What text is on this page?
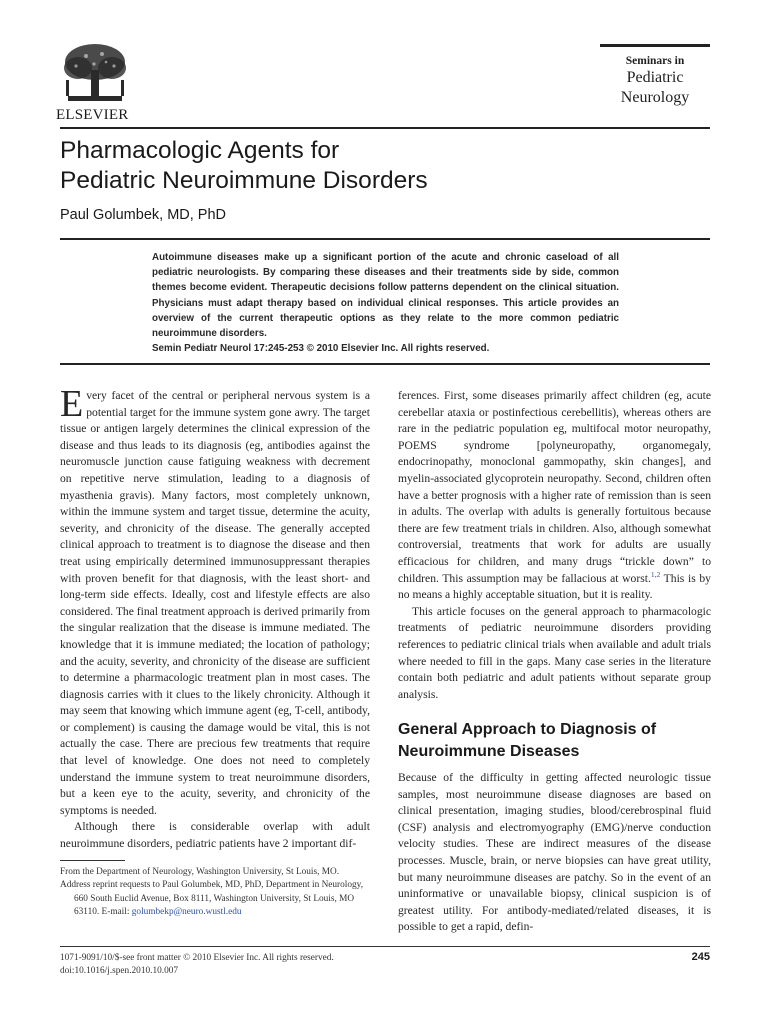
ELSEVIER
Seminars in
Pediatric
Neurology
Pharmacologic Agents for
Pediatric Neuroimmune Disorders
Paul Golumbek, MD, PhD

Autoimmune diseases make up a significant portion of the acute and chronic caseload of all pediatric neurologists. By comparing these diseases and their treatments side by side, common themes become evident. Therapeutic decisions follow patterns dependent on the clinical situation. Physicians must adapt therapy based on individual clinical responses. This article provides an overview of the current therapeutic options as they relate to the more common pediatric neuroimmune disorders.

Semin Pediatr Neurol 17:245-253 © 2010 Elsevier Inc. All rights reserved.

Every facet of the central or peripheral nervous system is a potential target for the immune system gone awry. The target tissue or antigen largely determines the clinical expression of the disease and thus leads to its diagnosis (eg, antibodies against the neuromuscle junction cause fatiguing weakness with decrement on repetitive nerve stimulation, leading to a diagnosis of myasthenia gravis). Many factors, most completely unknown, within the immune system and target tissue, determine the acuity, severity, and chronicity of the disease. The generally accepted clinical approach to treatment is to diagnose the disease and then treat using empirically determined immunosuppressant therapies with proven benefit for that diagnosis, with the least short- and long-term side effects. Ideally, cost and lifestyle effects are also considered. The final treatment approach is derived primarily from the singular realization that the disease is immune mediated. The knowledge that it is immune mediated; the location of pathology; and the acuity, severity, and chronicity of the disease are sufficient to determine a pharmacologic treatment plan in most cases. The diagnosis carries with it clues to the likely chronicity. Although it may seem that knowing which immune agent (eg, T-cell, antibody, or complement) is causing the damage would be vital, this is not actually the case. There are precious few treatments that require that level of knowledge. One does not need to completely understand the immune system to treat neuroimmune disorders, but a keen eye to the acuity, severity, and chronicity of the symptoms is needed.

Although there is considerable overlap with adult neuroimmune disorders, pediatric patients have 2 important dif-

ferences. First, some diseases primarily affect children (eg, acute cerebellar ataxia or postinfectious cerebellitis), whereas others are rare in the pediatric population eg, multifocal motor neuropathy, POEMS syndrome [polyneuropathy, organomegaly, endocrinopathy, monoclonal gammopathy, skin changes], and myelin-associated glycoprotein neuropathy. Second, children often have a better prognosis with a higher rate of remission than is seen in adults. The overlap with adults is generally fortuitous because there are few treatment trials in children. Also, although somewhat controversial, treatments that work for adults are usually efficacious for children, and many drugs “trickle down” to children. This assumption may be fallacious at worst.$^{1,2}$ This is by no means a highly acceptable situation, but it is reality.

This article focuses on the general approach to pharmacologic treatments of pediatric neuroimmune disorders providing references to pediatric clinical trials when available and adult trials where needed to fill in the gaps. Many case series in the literature contain both pediatric and adult patients without separate group analysis.

General Approach to Diagnosis of Neuroimmune Diseases

Because of the difficulty in getting affected neurologic tissue samples, most neuroimmune disease diagnoses are based on clinical presentation, imaging studies, blood/cerebrospinal fluid (CSF) analysis and electromyography (EMG)/nerve conduction velocity studies. These are indirect measures of the disease processes. Muscle, brain, or nerve biopsies can have great utility, but many neuroimmune diseases are patchy. So in the event of an uninformative or unavailable biopsy, clinical suspicion is of greatest utility. For antibody-mediated/related diseases, it is possible to get a rapid, defin-

From the Department of Neurology, Washington University, St Louis, MO.

Address reprint requests to Paul Golumbek, MD, PhD, Department in Neurology, 660 South Euclid Avenue, Box 8111, Washington University, St Louis, MO 63110. E-mail: golumbekp@neuro.wustl.edu

1071-9091/10/$-see front matter © 2010 Elsevier Inc. All rights reserved.
doi:10.1016/j.spen.2010.10.007
245
